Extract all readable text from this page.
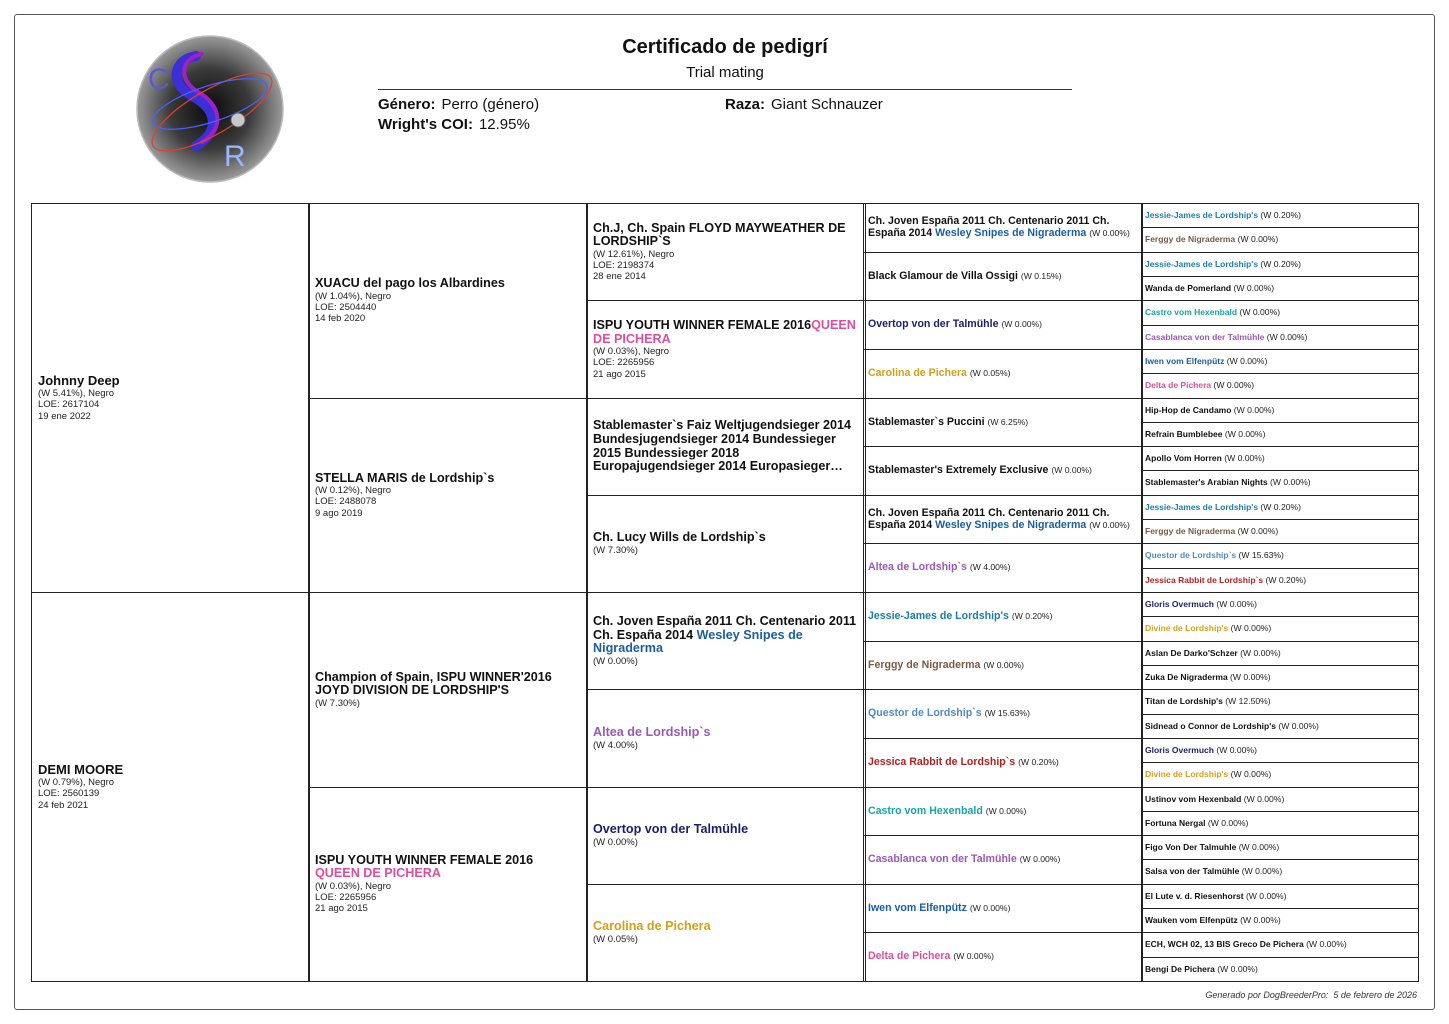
C
R
Certificado de pedigrí
Trial mating
Género: Perro (género)	Raza: Giant Schnauzer
Wright's COI: 12.95%
Johnny Deep
(W 5.41%), Negro
LOE: 2617104
19 ene 2022
DEMI MOORE
(W 0.79%), Negro
LOE: 2560139
24 feb 2021
XUACU del pago los Albardines
(W 1.04%), Negro
LOE: 2504440
14 feb 2020
STELLA MARIS de Lordship`s
(W 0.12%), Negro
LOE: 2488078
9 ago 2019
Champion of Spain, ISPU WINNER'2016 JOYD DIVISION DE LORDSHIP'S
(W 7.30%)
ISPU YOUTH WINNER FEMALE 2016
QUEEN DE PICHERA
(W 0.03%), Negro
LOE: 2265956
21 ago 2015
Ch.J, Ch. Spain FLOYD MAYWEATHER DE LORDSHIP`S
(W 12.61%), Negro
LOE: 2198374
28 ene 2014
ISPU YOUTH WINNER FEMALE 2016QUEEN DE PICHERA
(W 0.03%), Negro
LOE: 2265956
21 ago 2015
Stablemaster`s Faiz Weltjugendsieger 2014 Bundesjugendsieger 2014 Bundessieger 2015 Bundessieger 2018 Europajugendsieger 2014 Europasieger…
Ch. Lucy Wills de Lordship`s
(W 7.30%)
Ch. Joven España 2011 Ch. Centenario 2011 Ch. España 2014 Wesley Snipes de Nigraderma
(W 0.00%)
Altea de Lordship`s
(W 4.00%)
Overtop von der Talmühle
(W 0.00%)
Carolina de Pichera
(W 0.05%)
Ch. Joven España 2011 Ch. Centenario 2011 Ch. España 2014 Wesley Snipes de Nigraderma (W 0.00%)
Black Glamour de Villa Ossigi (W 0.15%)
Overtop von der Talmühle (W 0.00%)
Carolina de Pichera (W 0.05%)
Stablemaster`s Puccini (W 6.25%)
Stablemaster's Extremely Exclusive (W 0.00%)
Ch. Joven España 2011 Ch. Centenario 2011 Ch. España 2014 Wesley Snipes de Nigraderma (W 0.00%)
Altea de Lordship`s (W 4.00%)
Jessie-James de Lordship's (W 0.20%)
Ferggy de Nigraderma (W 0.00%)
Questor de Lordship`s (W 15.63%)
Jessica Rabbit de Lordship`s (W 0.20%)
Castro vom Hexenbald (W 0.00%)
Casablanca von der Talmühle (W 0.00%)
Iwen vom Elfenpütz (W 0.00%)
Delta de Pichera (W 0.00%)
Jessie-James de Lordship's (W 0.20%)
Ferggy de Nigraderma (W 0.00%)
Jessie-James de Lordship's (W 0.20%)
Wanda de Pomerland (W 0.00%)
Castro vom Hexenbald (W 0.00%)
Casablanca von der Talmühle (W 0.00%)
Iwen vom Elfenpütz (W 0.00%)
Delta de Pichera (W 0.00%)
Hip-Hop de Candamo (W 0.00%)
Refrain Bumblebee (W 0.00%)
Apollo Vom Horren (W 0.00%)
Stablemaster's Arabian Nights (W 0.00%)
Jessie-James de Lordship's (W 0.20%)
Ferggy de Nigraderma (W 0.00%)
Questor de Lordship`s (W 15.63%)
Jessica Rabbit de Lordship`s (W 0.20%)
Gloris Overmuch (W 0.00%)
Divine de Lordship's (W 0.00%)
Aslan De Darko'Schzer (W 0.00%)
Zuka De Nigraderma (W 0.00%)
Titan de Lordship's (W 12.50%)
Sidnead o Connor de Lordship's (W 0.00%)
Gloris Overmuch (W 0.00%)
Divine de Lordship's (W 0.00%)
Ustinov vom Hexenbald (W 0.00%)
Fortuna Nergal (W 0.00%)
Figo Von Der Talmuhle (W 0.00%)
Salsa von der Talmühle (W 0.00%)
El Lute v. d. Riesenhorst (W 0.00%)
Wauken vom Elfenpütz (W 0.00%)
ECH, WCH 02, 13 BIS Greco De Pichera (W 0.00%)
Bengi De Pichera (W 0.00%)
Generado por DogBreederPro: 5 de febrero de 2026
